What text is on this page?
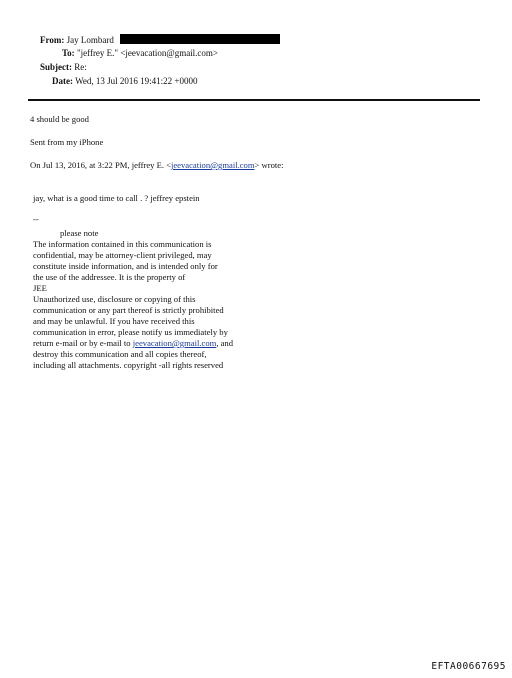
From: Jay Lombard
To: "jeffrey E." <jeevacation@gmail.com>
Subject: Re:
Date: Wed, 13 Jul 2016 19:41:22 +0000
4 should be good
Sent from my iPhone
On Jul 13, 2016, at 3:22 PM, jeffrey E. <jeevacation@gmail.com> wrote:
jay, what is a good time to call . ? jeffrey epstein
--
please note
The information contained in this communication is
confidential, may be attorney-client privileged, may
constitute inside information, and is intended only for
the use of the addressee. It is the property of
JEE
Unauthorized use, disclosure or copying of this
communication or any part thereof is strictly prohibited
and may be unlawful. If you have received this
communication in error, please notify us immediately by
return e-mail or by e-mail to jeevacation@gmail.com, and
destroy this communication and all copies thereof,
including all attachments. copyright -all rights reserved
EFTA00667695
